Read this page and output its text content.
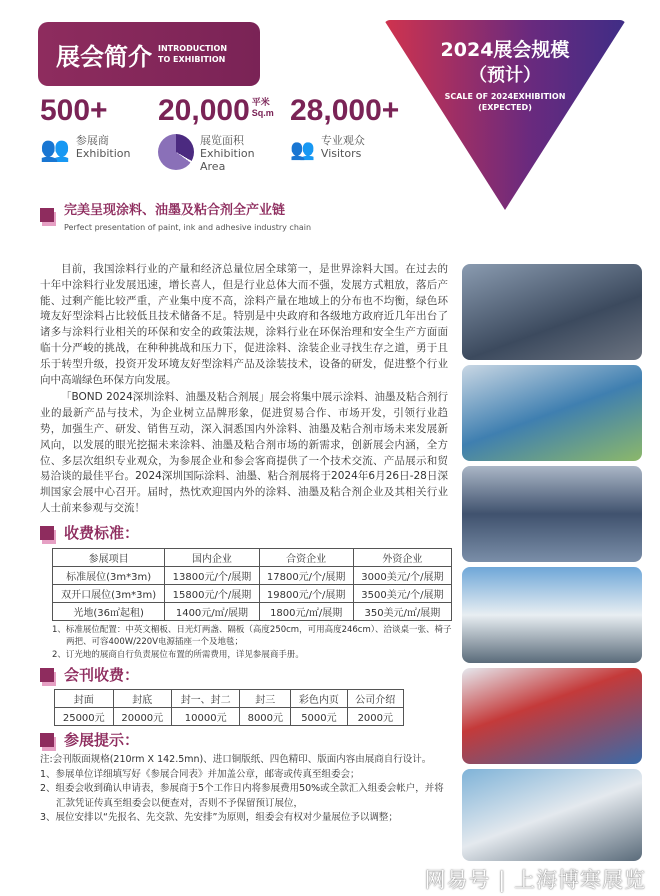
展会简介 INTRODUCTION
TO EXHIBITION	2024展会规模
（预计）
SCALE OF 2024EXHIBITION
(EXPECTED)
500+
👥 参展商
Exhibition
20,000 平米
Sq.m
展览面积
Exhibition Area
28,000+
👥 专业观众
Visitors
完美呈现涂料、油墨及粘合剂全产业链
Perfect presentation of paint, ink and adhesive industry chain

目前，我国涂料行业的产量和经济总量位居全球第一，是世界涂料大国。在过去的十年中涂料行业发展迅速，增长喜人，但是行业总体大而不强，发展方式粗放，落后产能、过剩产能比较严重，产业集中度不高，涂料产量在地域上的分布也不均衡，绿色环境友好型涂料占比较低且技术储备不足。特别是中央政府和各级地方政府近几年出台了诸多与涂料行业相关的环保和安全的政策法规，涂料行业在环保治理和安全生产方面面临十分严峻的挑战，在种种挑战和压力下，促进涂料、涂装企业寻找生存之道，勇于且乐于转型升级，投资开发环境友好型涂料产品及涂装技术，设备的研发，促进整个行业向中高端绿色环保方向发展。

「BOND 2024深圳涂料、油墨及粘合剂展」展会将集中展示涂料、油墨及粘合剂行业的最新产品与技术，为企业树立品牌形象，促进贸易合作、市场开发，引领行业趋势，加强生产、研发、销售互动，深入洞悉国内外涂料、油墨及粘合剂市场未来发展新风向，以发展的眼光挖掘未来涂料、油墨及粘合剂市场的新需求，创新展会内涵，全方位、多层次组织专业观众，为参展企业和参会客商提供了一个技术交流、产品展示和贸易洽谈的最佳平台。2024深圳国际涂料、油墨、粘合剂展将于2024年6月26日-28日深圳国家会展中心召开。届时，热忱欢迎国内外的涂料、油墨及粘合剂企业及其相关行业人士前来参观与交流！

收费标准：
参展项目	国内企业	合资企业	外资企业
标准展位(3m*3m)	13800元/个/展期	17800元/个/展期	3000美元/个/展期
双开口展位(3m*3m)	15800元/个/展期	19800元/个/展期	3500美元/个/展期
光地(36㎡起租)	1400元/㎡/展期	1800元/㎡/展期	350美元/㎡/展期
1、标准展位配置：中英文楣板、日光灯两盏、隔板（高度250cm，可用高度246cm）、洽谈桌一张、椅子两把、可容400W/220V电源插座一个及地毯；
2、订光地的展商自行负责展位布置的所需费用，详见参展商手册。
会刊收费：
封面	封底	封一、封二	封三	彩色内页	公司介绍
25000元	20000元	10000元	8000元	5000元	2000元
参展提示：
注:会刊版面规格(210rm X 142.5mn)、进口铜版纸、四色精印、版面内容由展商自行设计。
1、参展单位详细填写好《参展合同表》并加盖公章，邮寄或传真至组委会；
2、组委会收到确认申请表，参展商于5个工作日内将参展费用50%或全款汇入组委会帐户，并将汇款凭证传真至组委会以便查对，否则不予保留预订展位，
3、展位安排以“先报名、先交款、先安排”为原则，组委会有权对少量展位予以调整；
网易号 | 上海博寒展览
